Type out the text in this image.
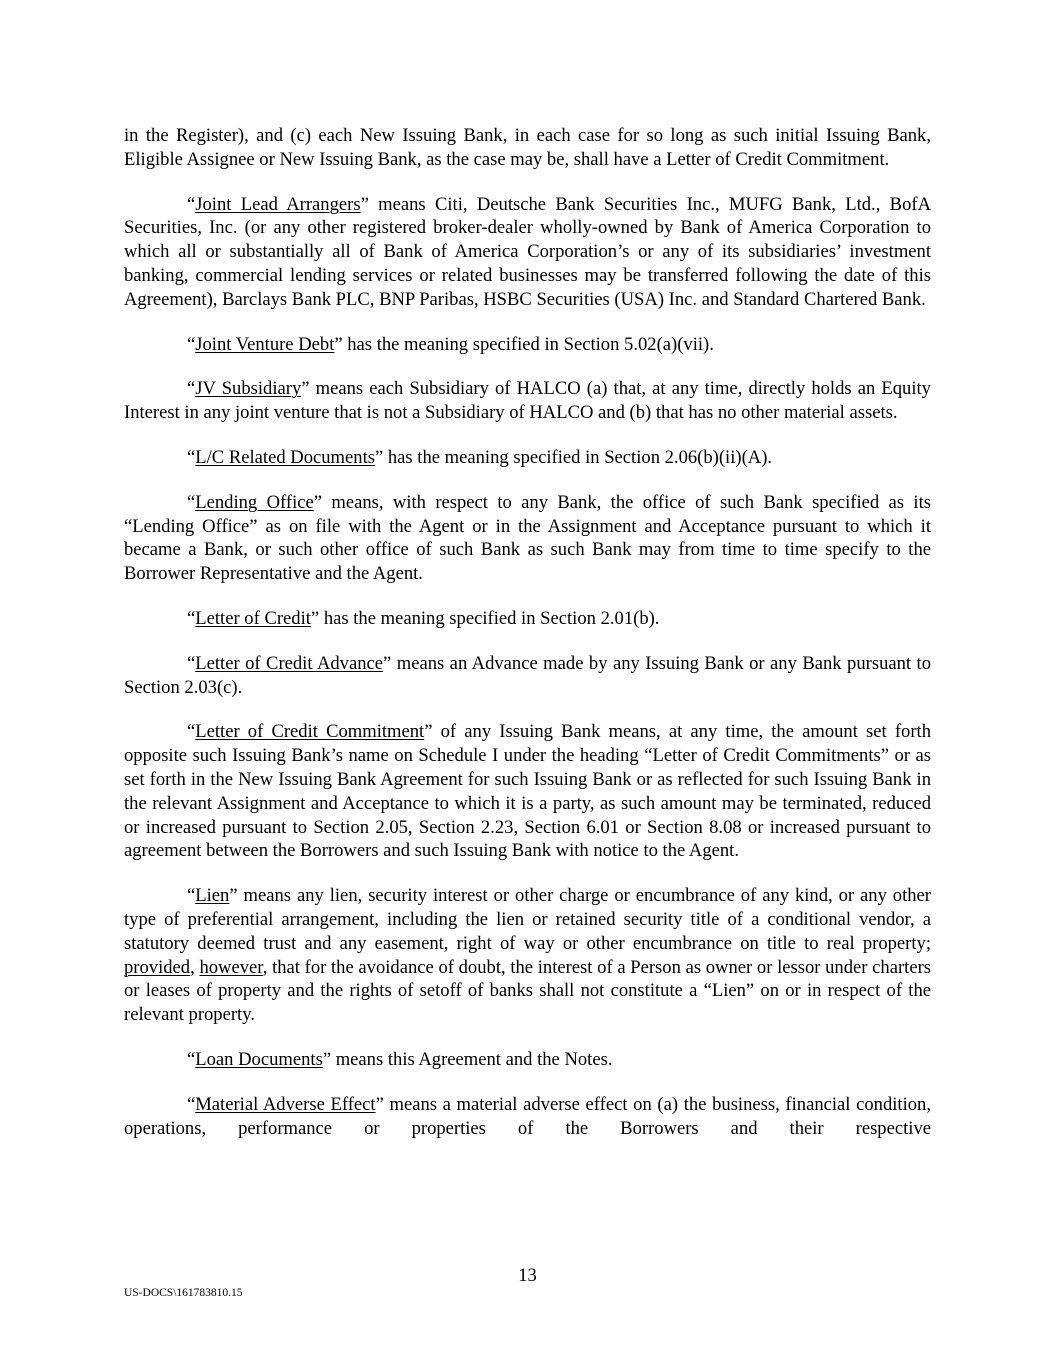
in the Register), and (c) each New Issuing Bank, in each case for so long as such initial Issuing Bank, Eligible Assignee or New Issuing Bank, as the case may be, shall have a Letter of Credit Commitment.

“Joint Lead Arrangers” means Citi, Deutsche Bank Securities Inc., MUFG Bank, Ltd., BofA Securities, Inc. (or any other registered broker-dealer wholly-owned by Bank of America Corporation to which all or substantially all of Bank of America Corporation’s or any of its subsidiaries’ investment banking, commercial lending services or related businesses may be transferred following the date of this Agreement), Barclays Bank PLC, BNP Paribas, HSBC Securities (USA) Inc. and Standard Chartered Bank.

“Joint Venture Debt” has the meaning specified in Section 5.02(a)(vii).

“JV Subsidiary” means each Subsidiary of HALCO (a) that, at any time, directly holds an Equity Interest in any joint venture that is not a Subsidiary of HALCO and (b) that has no other material assets.

“L/C Related Documents” has the meaning specified in Section 2.06(b)(ii)(A).

“Lending Office” means, with respect to any Bank, the office of such Bank specified as its “Lending Office” as on file with the Agent or in the Assignment and Acceptance pursuant to which it became a Bank, or such other office of such Bank as such Bank may from time to time specify to the Borrower Representative and the Agent.

“Letter of Credit” has the meaning specified in Section 2.01(b).

“Letter of Credit Advance” means an Advance made by any Issuing Bank or any Bank pursuant to Section 2.03(c).

“Letter of Credit Commitment” of any Issuing Bank means, at any time, the amount set forth opposite such Issuing Bank’s name on Schedule I under the heading “Letter of Credit Commitments” or as set forth in the New Issuing Bank Agreement for such Issuing Bank or as reflected for such Issuing Bank in the relevant Assignment and Acceptance to which it is a party, as such amount may be terminated, reduced or increased pursuant to Section 2.05, Section 2.23, Section 6.01 or Section 8.08 or increased pursuant to agreement between the Borrowers and such Issuing Bank with notice to the Agent.

“Lien” means any lien, security interest or other charge or encumbrance of any kind, or any other type of preferential arrangement, including the lien or retained security title of a conditional vendor, a statutory deemed trust and any easement, right of way or other encumbrance on title to real property; provided, however, that for the avoidance of doubt, the interest of a Person as owner or lessor under charters or leases of property and the rights of setoff of banks shall not constitute a “Lien” on or in respect of the relevant property.

“Loan Documents” means this Agreement and the Notes.

“Material Adverse Effect” means a material adverse effect on (a) the business, financial condition, operations, performance or properties of the Borrowers and their respective

13
US-DOCS\161783810.15
